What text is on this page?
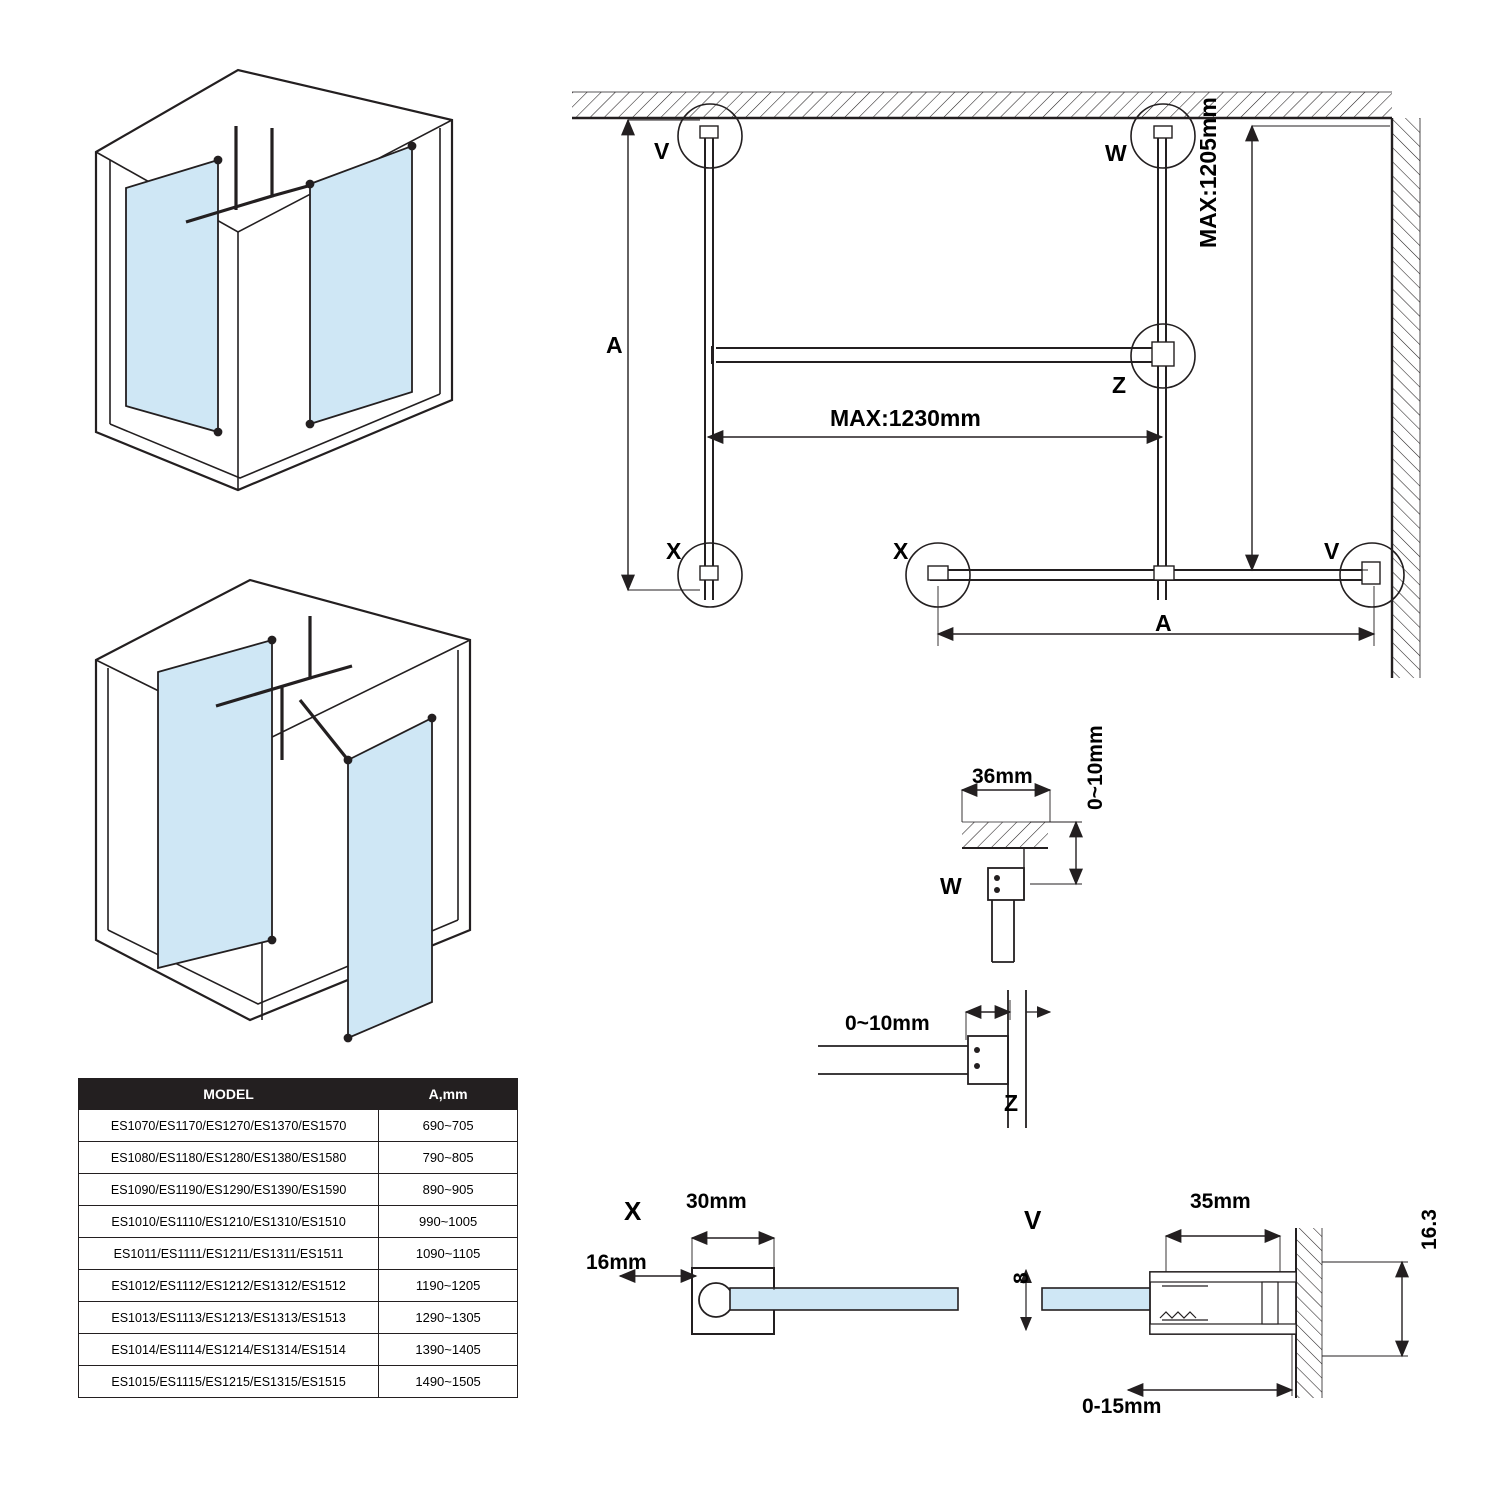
V	W
Z
X	X	V
A
A
MAX:1230mm
MAX:1205mm
W
36mm 0~10mm
Z
0~10mm
X 30mm
16mm
V
35mm
16.3
8
0-15mm
MODEL	A,mm
ES1070/ES1170/ES1270/ES1370/ES1570	690~705
ES1080/ES1180/ES1280/ES1380/ES1580	790~805
ES1090/ES1190/ES1290/ES1390/ES1590	890~905
ES1010/ES1110/ES1210/ES1310/ES1510	990~1005
ES1011/ES1111/ES1211/ES1311/ES1511	1090~1105
ES1012/ES1112/ES1212/ES1312/ES1512	1190~1205
ES1013/ES1113/ES1213/ES1313/ES1513	1290~1305
ES1014/ES1114/ES1214/ES1314/ES1514	1390~1405
ES1015/ES1115/ES1215/ES1315/ES1515	1490~1505
